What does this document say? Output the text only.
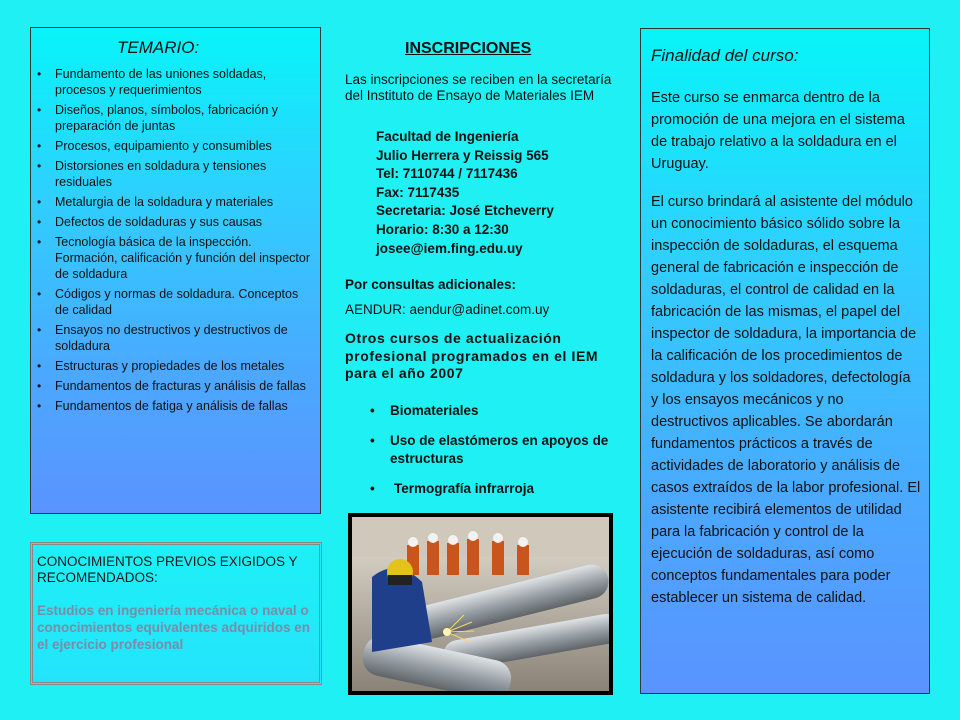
TEMARIO:
• Fundamento de las uniones soldadas, procesos y requerimientos
• Diseños, planos, símbolos, fabricación y preparación de juntas
• Procesos, equipamiento y consumibles
• Distorsiones en soldadura y tensiones residuales
• Metalurgia de la soldadura y materiales
• Defectos de soldaduras y sus causas
• Tecnología básica de la inspección. Formación, calificación y función del inspector de soldadura
• Códigos y normas de soldadura. Conceptos de calidad
• Ensayos no destructivos y destructivos de soldadura
• Estructuras y propiedades de los metales
• Fundamentos de fracturas y análisis de fallas
• Fundamentos de fatiga y análisis de fallas
CONOCIMIENTOS PREVIOS EXIGIDOS Y RECOMENDADOS:
Estudios en ingeniería mecánica o naval o conocimientos equivalentes adquiridos en el ejercicio profesional
INSCRIPCIONES
Las inscripciones se reciben en la secretaría del Instituto de Ensayo de Materiales IEM
Facultad de Ingeniería
Julio Herrera y Reissig 565
Tel: 7110744 / 7117436
Fax: 7117435
Secretaria: José Etcheverry
Horario: 8:30 a 12:30
josee@iem.fing.edu.uy
Por consultas adicionales:
AENDUR: aendur@adinet.com.uy
Otros cursos de actualización profesional programados en el IEM para el año 2007
• Biomateriales
• Uso de elastómeros en apoyos de estructuras
• Termografía infrarroja
Finalidad del curso:

Este curso se enmarca dentro de la promoción de una mejora en el sistema de trabajo relativo a la soldadura en el Uruguay.

El curso brindará al asistente del módulo un conocimiento básico sólido sobre la inspección de soldaduras, el esquema general de fabricación e inspección de soldaduras, el control de calidad en la fabricación de las mismas, el papel del inspector de soldadura, la importancia de la calificación de los procedimientos de soldadura y los soldadores, defectología y los ensayos mecánicos y no destructivos aplicables. Se abordarán fundamentos prácticos a través de actividades de laboratorio y análisis de casos extraídos de la labor profesional. El asistente recibirá elementos de utilidad para la fabricación y control de la ejecución de soldaduras, así como conceptos fundamentales para poder establecer un sistema de calidad.
